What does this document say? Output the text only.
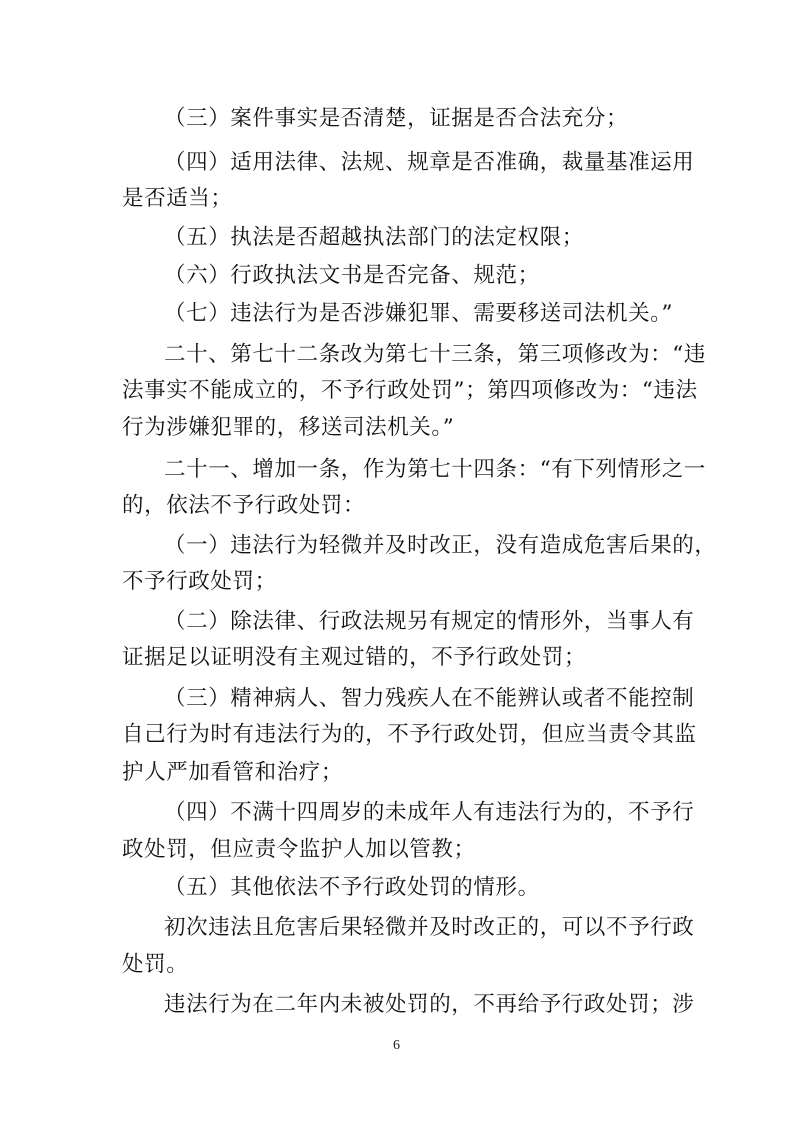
（三）案件事实是否清楚，证据是否合法充分；
（四）适用法律、法规、规章是否准确，裁量基准运用
是否适当；
（五）执法是否超越执法部门的法定权限；
（六）行政执法文书是否完备、规范；
（七）违法行为是否涉嫌犯罪、需要移送司法机关。”
二十、第七十二条改为第七十三条，第三项修改为：“违
法事实不能成立的，不予行政处罚”；第四项修改为：“违法
行为涉嫌犯罪的，移送司法机关。”
二十一、增加一条，作为第七十四条：“有下列情形之一
的，依法不予行政处罚：
（一）违法行为轻微并及时改正，没有造成危害后果的，
不予行政处罚；
（二）除法律、行政法规另有规定的情形外，当事人有
证据足以证明没有主观过错的，不予行政处罚；
（三）精神病人、智力残疾人在不能辨认或者不能控制
自己行为时有违法行为的，不予行政处罚，但应当责令其监
护人严加看管和治疗；
（四）不满十四周岁的未成年人有违法行为的，不予行
政处罚，但应责令监护人加以管教；
（五）其他依法不予行政处罚的情形。
初次违法且危害后果轻微并及时改正的，可以不予行政
处罚。
违法行为在二年内未被处罚的，不再给予行政处罚；涉
6
